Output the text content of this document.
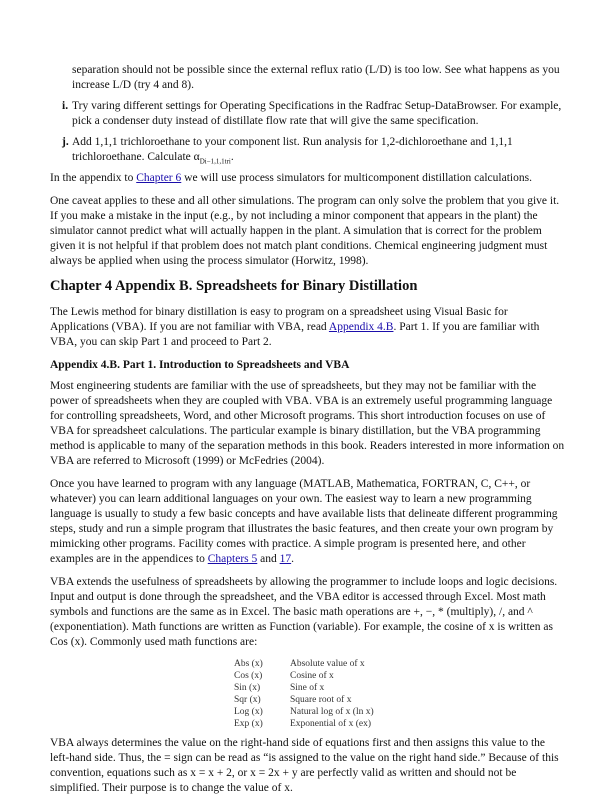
separation should not be possible since the external reflux ratio (L/D) is too low. See what happens as you increase L/D (try 4 and 8).

i. Try varing different settings for Operating Specifications in the Radfrac Setup-DataBrowser. For example, pick a condenser duty instead of distillate flow rate that will give the same specification.
j. Add 1,1,1 trichloroethane to your component list. Run analysis for 1,2-dichloroethane and 1,1,1 trichloroethane. Calculate $\alpha_{Di-1,1,1tri}$.

In the appendix to Chapter 6 we will use process simulators for multicomponent distillation calculations.

One caveat applies to these and all other simulations. The program can only solve the problem that you give it. If you make a mistake in the input (e.g., by not including a minor component that appears in the plant) the simulator cannot predict what will actually happen in the plant. A simulation that is correct for the problem given it is not helpful if that problem does not match plant conditions. Chemical engineering judgment must always be applied when using the process simulator (Horwitz, 1998).

Chapter 4 Appendix B. Spreadsheets for Binary Distillation

The Lewis method for binary distillation is easy to program on a spreadsheet using Visual Basic for Applications (VBA). If you are not familiar with VBA, read Appendix 4.B. Part 1. If you are familiar with VBA, you can skip Part 1 and proceed to Part 2.

Appendix 4.B. Part 1. Introduction to Spreadsheets and VBA

Most engineering students are familiar with the use of spreadsheets, but they may not be familiar with the power of spreadsheets when they are coupled with VBA. VBA is an extremely useful programming language for controlling spreadsheets, Word, and other Microsoft programs. This short introduction focuses on use of VBA for spreadsheet calculations. The particular example is binary distillation, but the VBA programming method is applicable to many of the separation methods in this book. Readers interested in more information on VBA are referred to Microsoft (1999) or McFedries (2004).

Once you have learned to program with any language (MATLAB, Mathematica, FORTRAN, C, C++, or whatever) you can learn additional languages on your own. The easiest way to learn a new programming language is usually to study a few basic concepts and have available lists that delineate different programming steps, study and run a simple program that illustrates the basic features, and then create your own program by mimicking other programs. Facility comes with practice. A simple program is presented here, and other examples are in the appendices to Chapters 5 and 17.

VBA extends the usefulness of spreadsheets by allowing the programmer to include loops and logic decisions. Input and output is done through the spreadsheet, and the VBA editor is accessed through Excel. Most math symbols and functions are the same as in Excel. The basic math operations are +, −, * (multiply), /, and ^ (exponentiation). Math functions are written as Function (variable). For example, the cosine of x is written as Cos (x). Commonly used math functions are:

Abs (x)	Absolute value of x
Cos (x)	Cosine of x
Sin (x)	Sine of x
Sqr (x)	Square root of x
Log (x)	Natural log of x (ln x)
Exp (x)	Exponential of x (ex)

VBA always determines the value on the right-hand side of equations first and then assigns this value to the left-hand side. Thus, the = sign can be read as “is assigned to the value on the right hand side.” Because of this convention, equations such as x = x + 2, or x = 2x + y are perfectly valid as written and should not be simplified. Their purpose is to change the value of x.
